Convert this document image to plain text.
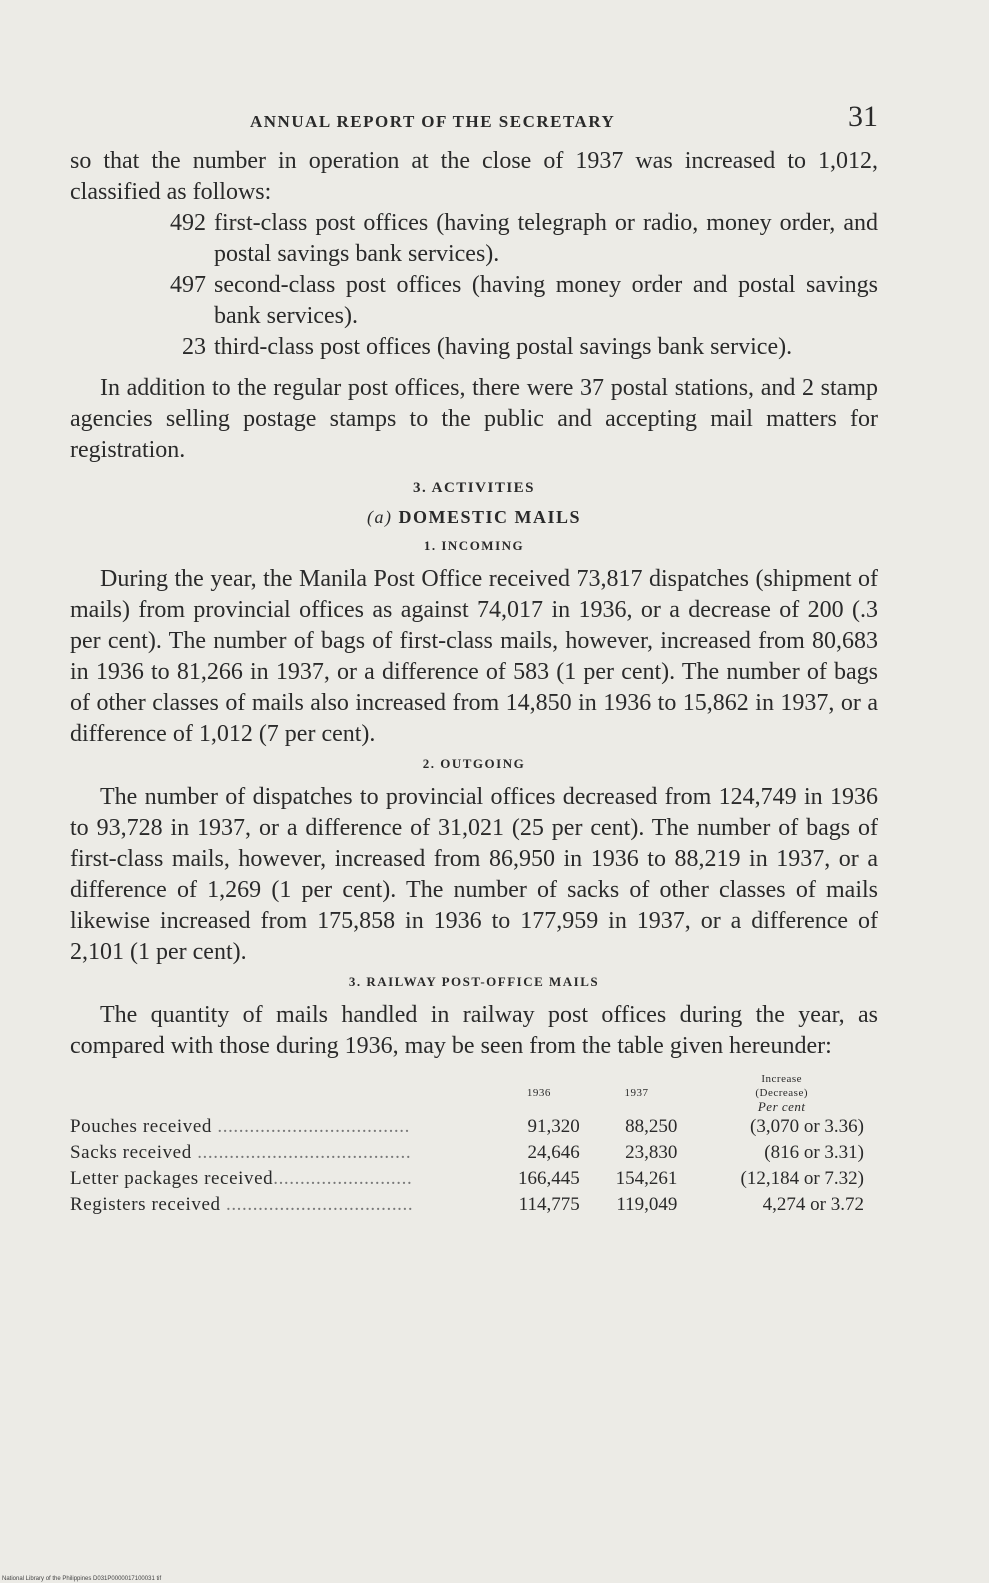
ANNUAL REPORT OF THE SECRETARY	31

so that the number in operation at the close of 1937 was increased to 1,012, classified as follows:

492 first-class post offices (having telegraph or radio, money order, and postal savings bank services).
497 second-class post offices (having money order and postal savings bank services).
23 third-class post offices (having postal savings bank service).

In addition to the regular post offices, there were 37 postal stations, and 2 stamp agencies selling postage stamps to the public and accepting mail matters for registration.

3. ACTIVITIES
(a) DOMESTIC MAILS
1. INCOMING

During the year, the Manila Post Office received 73,817 dispatches (shipment of mails) from provincial offices as against 74,017 in 1936, or a decrease of 200 (.3 per cent). The number of bags of first-class mails, however, increased from 80,683 in 1936 to 81,266 in 1937, or a difference of 583 (1 per cent). The number of bags of other classes of mails also increased from 14,850 in 1936 to 15,862 in 1937, or a difference of 1,012 (7 per cent).

2. OUTGOING

The number of dispatches to provincial offices decreased from 124,749 in 1936 to 93,728 in 1937, or a difference of 31,021 (25 per cent). The number of bags of first-class mails, however, increased from 86,950 in 1936 to 88,219 in 1937, or a difference of 1,269 (1 per cent). The number of sacks of other classes of mails likewise increased from 175,858 in 1936 to 177,959 in 1937, or a difference of 2,101 (1 per cent).

3. RAILWAY POST-OFFICE MAILS

The quantity of mails handled in railway post offices during the year, as compared with those during 1936, may be seen from the table given hereunder:

	1936	1937	Increase
(Decrease)

			Per cent
Pouches received ....................................	91,320	88,250	(3,070 or 3.36)
Sacks received ........................................	24,646	23,830	(816 or 3.31)
Letter packages received..........................	166,445	154,261	(12,184 or 7.32)
Registers received ...................................	114,775	119,049	4,274 or 3.72
National Library of the Philippines D031P0000017100031 tif
